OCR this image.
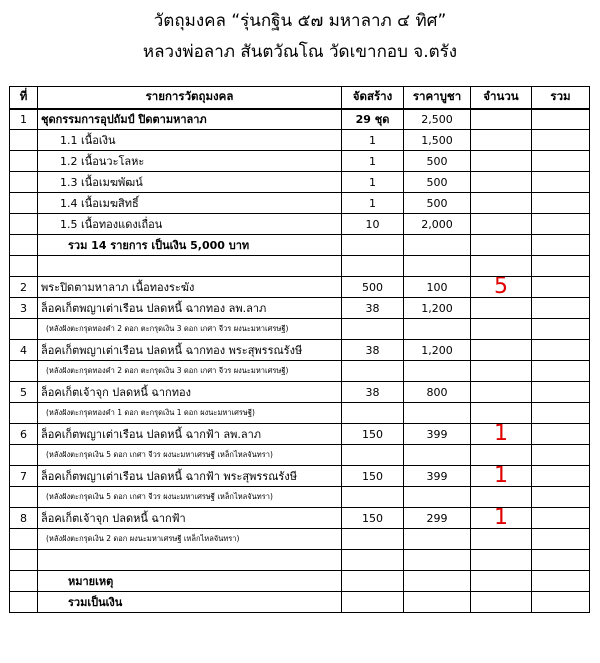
วัตถุมงคล “รุ่นกฐิน ๕๗ มหาลาภ ๔ ทิศ”
หลวงพ่อลาภ สันตวัณโณ วัดเขากอบ จ.ตรัง
ที่	รายการวัตถุมงคล	จัดสร้าง	ราคาบูชา	จำนวน	รวม
1	ชุดกรรมการอุปถัมป์ ปิดตามหาลาภ	29 ชุด	2,500		
	1.1 เนื้อเงิน	1	1,500		
	1.2 เนื้อนวะโลหะ	1	500		
	1.3 เนื้อเมฆพัฒน์	1	500		
	1.4 เนื้อเมฆสิทธิ์	1	500		
	1.5 เนื้อทองแดงเถื่อน	10	2,000		
	รวม 14 รายการ เป็นเงิน 5,000 บาท				

2	พระปิดตามหาลาภ เนื้อทองระฆัง	500	100	5	
3	ล็อคเก็ตพญาเต่าเรือน ปลดหนี้ ฉากทอง ลพ.ลาภ	38	1,200		
	(หลังฝังตะกรุดทองคำ 2 ดอก ตะกรุดเงิน 3 ดอก เกศา จีวร ผงนะมหาเศรษฐี)				
4	ล็อคเก็ตพญาเต่าเรือน ปลดหนี้ ฉากทอง พระสุพรรณรังษี	38	1,200		
	(หลังฝังตะกรุดทองคำ 2 ดอก ตะกรุดเงิน 3 ดอก เกศา จีวร ผงนะมหาเศรษฐี)				
5	ล็อคเก็ตเจ้าจุก ปลดหนี้ ฉากทอง	38	800		
	(หลังฝังตะกรุดทองคำ 1 ดอก ตะกรุดเงิน 1 ดอก ผงนะมหาเศรษฐี)				
6	ล็อคเก็ตพญาเต่าเรือน ปลดหนี้ ฉากฟ้า ลพ.ลาภ	150	399	1	
	(หลังฝังตะกรุดเงิน 5 ดอก เกศา จีวร ผงนะมหาเศรษฐี เหล็กไหลจันทรา)				
7	ล็อคเก็ตพญาเต่าเรือน ปลดหนี้ ฉากฟ้า พระสุพรรณรังษี	150	399	1	
	(หลังฝังตะกรุดเงิน 5 ดอก เกศา จีวร ผงนะมหาเศรษฐี เหล็กไหลจันทรา)				
8	ล็อคเก็ตเจ้าจุก ปลดหนี้ ฉากฟ้า	150	299	1	
	(หลังฝังตะกรุดเงิน 2 ดอก ผงนะมหาเศรษฐี เหล็กไหลจันทรา)				

	หมายเหตุ				
	รวมเป็นเงิน				
